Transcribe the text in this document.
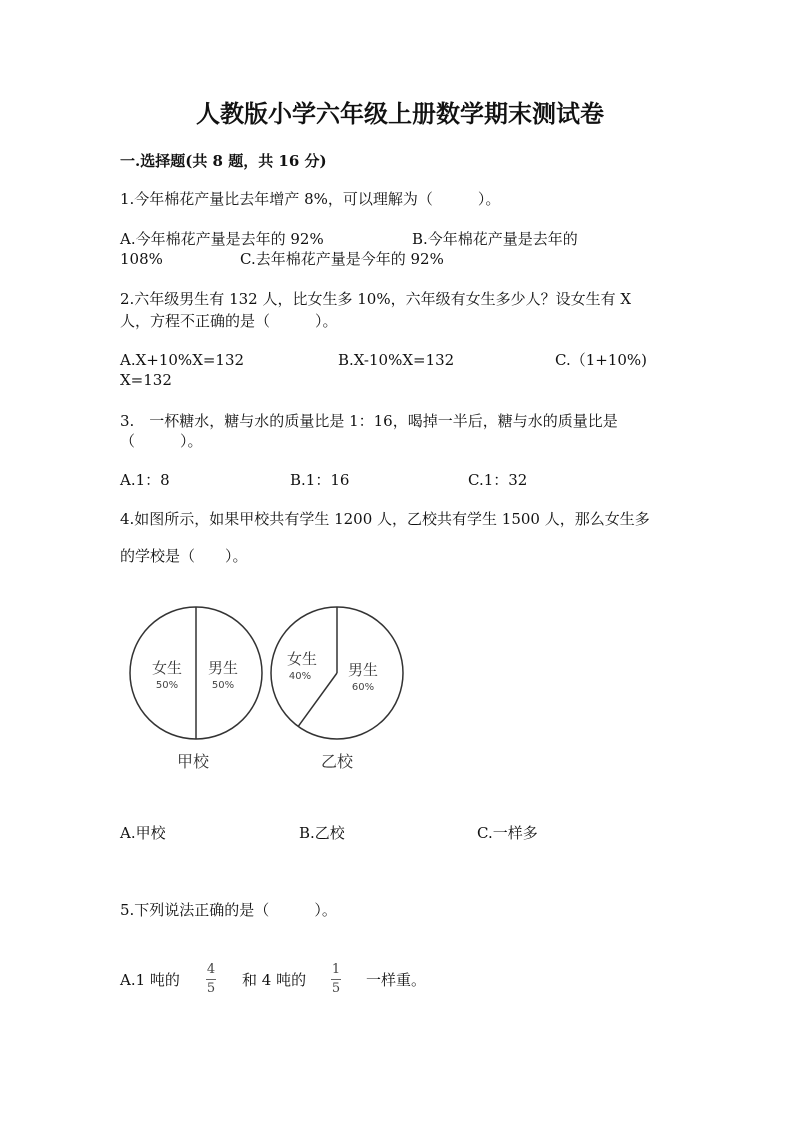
人教版小学六年级上册数学期末测试卷
一.选择题(共 8 题，共 16 分)
1.今年棉花产量比去年增产 8%，可以理解为（　　　）。
A.今年棉花产量是去年的 92%	B.今年棉花产量是去年的
108%	C.去年棉花产量是今年的 92%
2.六年级男生有 132 人，比女生多 10%，六年级有女生多少人？设女生有 X
人，方程不正确的是（　　　）。
A.X+10%X=132	B.X-10%X=132	C.（1+10%)
X=132
3.　一杯糖水，糖与水的质量比是 1：16，喝掉一半后，糖与水的质量比是
（　　　）。
A.1：8	B.1：16	C.1：32
4.如图所示，如果甲校共有学生 1200 人，乙校共有学生 1500 人，那么女生多
的学校是（　　）。
女生
50%
男生
50%
甲校
女生
40% 男生
60%
乙校
A.甲校	B.乙校	C.一样多
5.下列说法正确的是（　　　）。
A.1 吨的
4
5	和 4 吨的
1
5	一样重。
